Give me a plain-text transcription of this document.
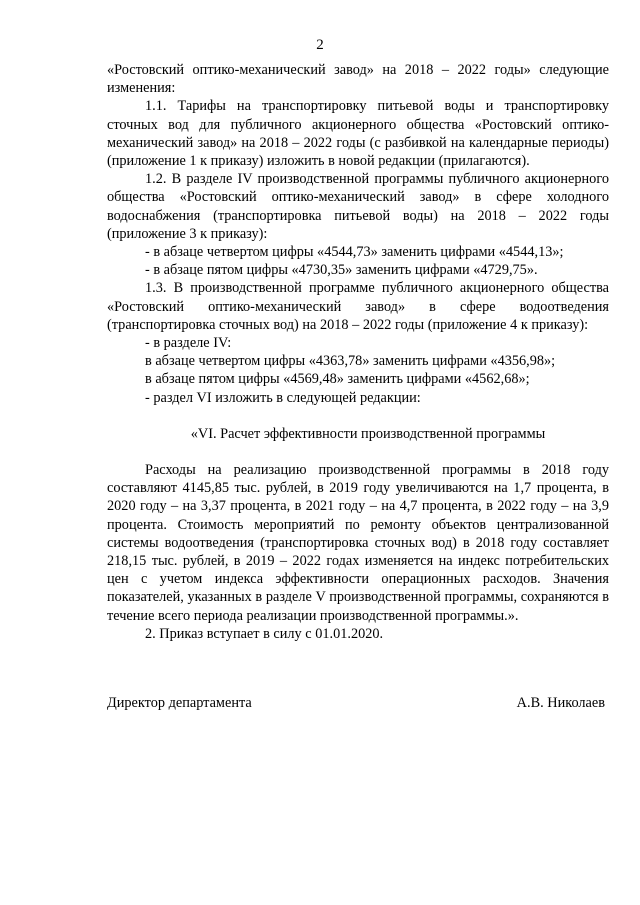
2

«Ростовский оптико-механический завод» на 2018 – 2022 годы» следующие изменения:

1.1. Тарифы на транспортировку питьевой воды и транспортировку сточных вод для публичного акционерного общества «Ростовский оптико-механический завод» на 2018 – 2022 годы (с разбивкой на календарные периоды) (приложение 1 к приказу) изложить в новой редакции (прилагаются).

1.2. В разделе IV производственной программы публичного акционерного общества «Ростовский оптико-механический завод» в сфере холодного водоснабжения (транспортировка питьевой воды) на 2018 – 2022 годы (приложение 3 к приказу):

- в абзаце четвертом цифры «4544,73» заменить цифрами «4544,13»;

- в абзаце пятом цифры «4730,35» заменить цифрами «4729,75».

1.3. В производственной программе публичного акционерного общества «Ростовский оптико-механический завод» в сфере водоотведения (транспортировка сточных вод) на 2018 – 2022 годы (приложение 4 к приказу):

- в разделе IV:

в абзаце четвертом цифры «4363,78» заменить цифрами «4356,98»;

в абзаце пятом цифры «4569,48» заменить цифрами «4562,68»;

- раздел VI изложить в следующей редакции:

«VI. Расчет эффективности производственной программы

Расходы на реализацию производственной программы в 2018 году составляют 4145,85 тыс. рублей, в 2019 году увеличиваются на 1,7 процента, в 2020 году – на 3,37 процента, в 2021 году – на 4,7 процента, в 2022 году – на 3,9 процента. Стоимость мероприятий по ремонту объектов централизованной системы водоотведения (транспортировка сточных вод) в 2018 году составляет 218,15 тыс. рублей, в 2019 – 2022 годах изменяется на индекс потребительских цен с учетом индекса эффективности операционных расходов. Значения показателей, указанных в разделе V производственной программы, сохраняются в течение всего периода реализации производственной программы.».

2. Приказ вступает в силу с 01.01.2020.

Директор департамента	А.В. Николаев
